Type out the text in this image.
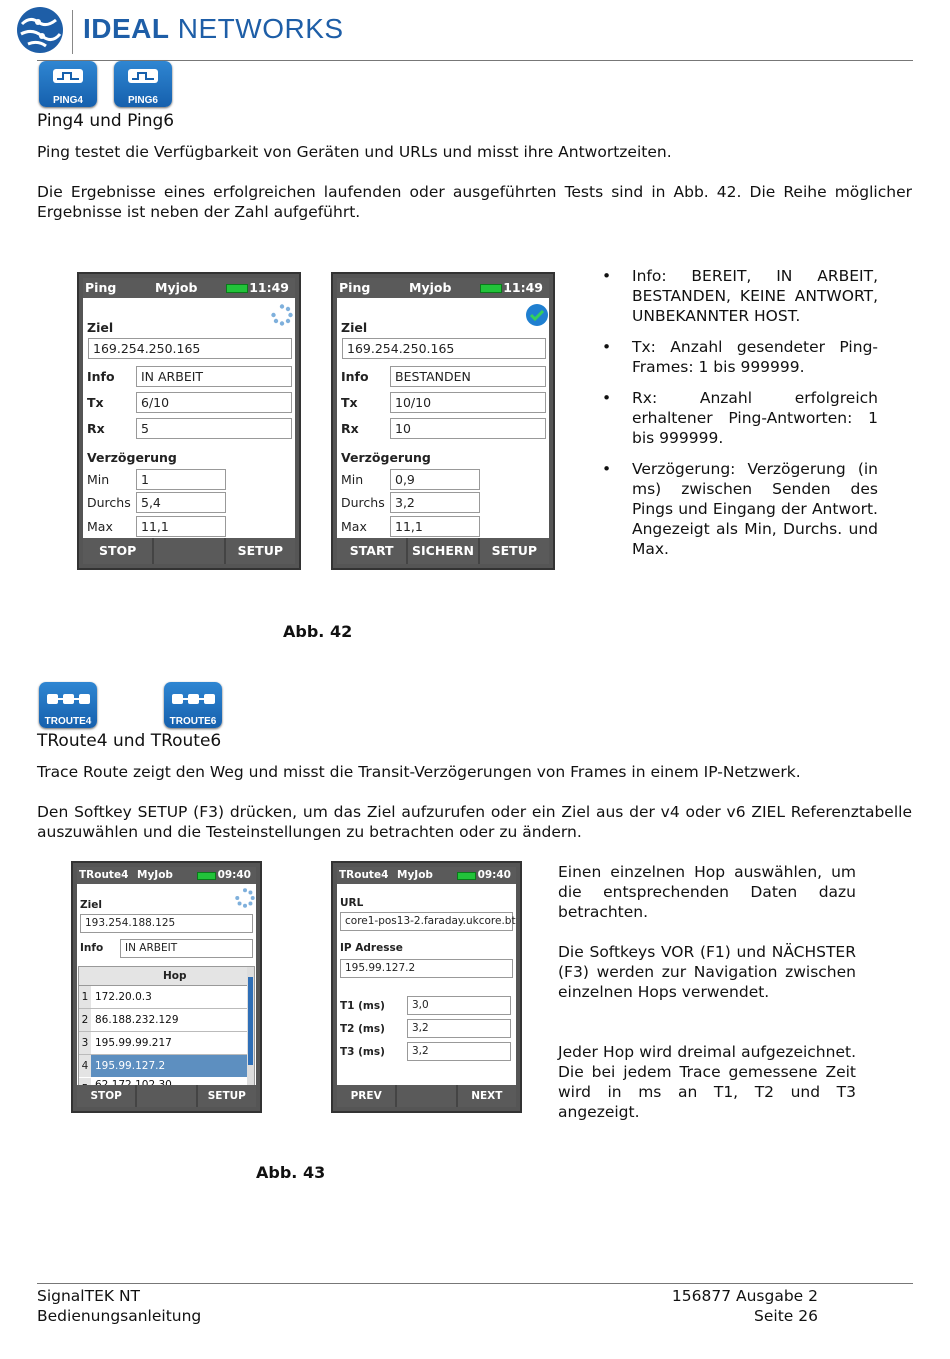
IDEAL NETWORKS
PING4	PING6
Ping4 und Ping6
Ping testet die Verfügbarkeit von Geräten und URLs und misst ihre Antwortzeiten.
Die Ergebnisse eines erfolgreichen laufenden oder ausgeführten Tests sind in Abb. 42. Die Reihe möglicher Ergebnisse ist neben der Zahl aufgeführt.
Ping	Myjob	11:49
Ziel
169.254.250.165
Info	IN ARBEIT
Tx	6/10
Rx	5
Verzögerung
Min	1
Durchs 5,4
Max	11,1
STOP	SETUP
Ping	Myjob	11:49
Ziel
169.254.250.165
Info	BESTANDEN
Tx	10/10
Rx	10
Verzögerung
Min	0,9
Durchs 3,2
Max	11,1
START	SICHERN	SETUP
• Info: BEREIT, IN ARBEIT, BESTANDEN, KEINE ANTWORT, UNBEKANNTER HOST.
• Tx: Anzahl gesendeter Ping-Frames: 1 bis 999999.
• Rx: Anzahl erfolgreich erhaltener Ping-Antworten: 1 bis 999999.
• Verzögerung: Verzögerung (in ms) zwischen Senden des Pings und Eingang der Antwort. Angezeigt als Min, Durchs. und Max.
Abb. 42
TROUTE4	TROUTE6
TRoute4 und TRoute6
Trace Route zeigt den Weg und misst die Transit-Verzögerungen von Frames in einem IP-Netzwerk.
Den Softkey SETUP (F3) drücken, um das Ziel aufzurufen oder ein Ziel aus der v4 oder v6 ZIEL Referenztabelle auszuwählen und die Testeinstellungen zu betrachten oder zu ändern.
TRoute4 MyJob	09:40
Ziel
193.254.188.125
Info	IN ARBEIT
Hop
1 172.20.0.3
2 86.188.232.129
3 195.99.99.217
4 195.99.127.2
STOP	SETUP
TRoute4 MyJob	09:40
URL
core1-pos13-2.faraday.ukcore.bt
IP Adresse
195.99.127.2
T1 (ms)	3,0
T2 (ms)	3,2
T3 (ms)	3,2
PREV	NEXT
Einen einzelnen Hop auswählen, um die entsprechenden Daten dazu betrachten.
Die Softkeys VOR (F1) und NÄCHSTER (F3) werden zur Navigation zwischen einzelnen Hops verwendet.
Jeder Hop wird dreimal aufgezeichnet. Die bei jedem Trace gemessene Zeit wird in ms an T1, T2 und T3 angezeigt.
Abb. 43
SignalTEK NT
Bedienungsanleitung
156877 Ausgabe 2
Seite 26
